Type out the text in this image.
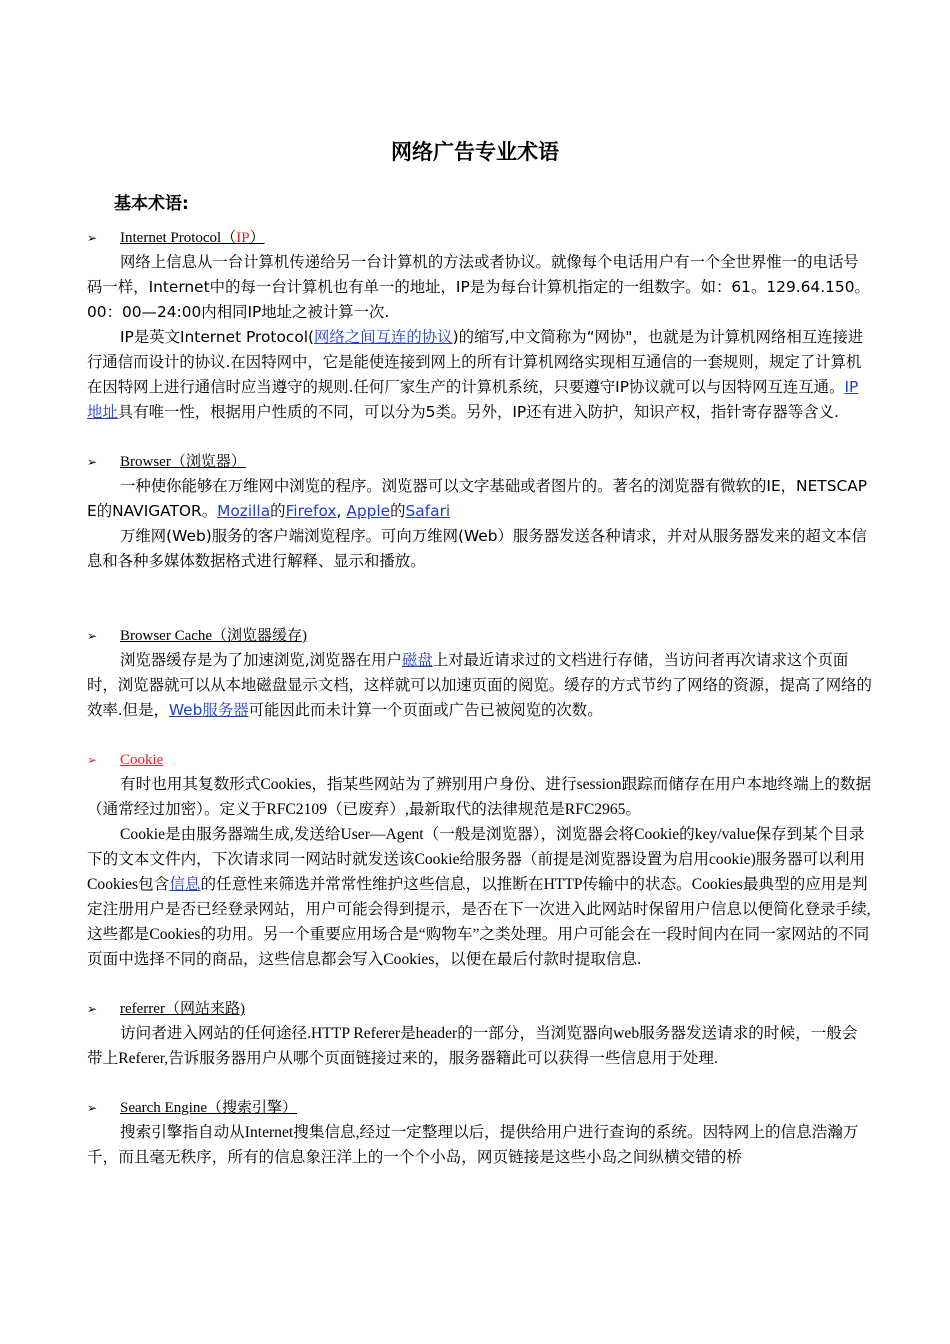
网络广告专业术语
基本术语:
➢ Internet Protocol（IP）

网络上信息从一台计算机传递给另一台计算机的方法或者协议。就像每个电话用户有一个全世界惟一的电话号码一样，Internet中的每一台计算机也有单一的地址，IP是为每台计算机指定的一组数字。如：61。129.64.150。00：00—24:00内相同IP地址之被计算一次.

IP是英文Internet Protocol(网络之间互连的协议)的缩写,中文简称为“网协"，也就是为计算机网络相互连接进行通信而设计的协议.在因特网中，它是能使连接到网上的所有计算机网络实现相互通信的一套规则，规定了计算机在因特网上进行通信时应当遵守的规则.任何厂家生产的计算机系统，只要遵守IP协议就可以与因特网互连互通。IP地址具有唯一性，根据用户性质的不同，可以分为5类。另外，IP还有进入防护，知识产权，指针寄存器等含义.

➢ Browser（浏览器）

一种使你能够在万维网中浏览的程序。浏览器可以文字基础或者图片的。著名的浏览器有微软的IE，NETSCAPE的NAVIGATOR。Mozilla的Firefox, Apple的Safari

万维网(Web)服务的客户端浏览程序。可向万维网(Web）服务器发送各种请求，并对从服务器发来的超文本信息和各种多媒体数据格式进行解释、显示和播放。

➢ Browser Cache（浏览器缓存)

浏览器缓存是为了加速浏览,浏览器在用户磁盘上对最近请求过的文档进行存储，当访问者再次请求这个页面时，浏览器就可以从本地磁盘显示文档，这样就可以加速页面的阅览。缓存的方式节约了网络的资源，提高了网络的效率.但是，Web服务器可能因此而未计算一个页面或广告已被阅览的次数。

➢ Cookie

有时也用其复数形式Cookies，指某些网站为了辨别用户身份、进行session跟踪而储存在用户本地终端上的数据（通常经过加密）。定义于RFC2109（已废弃）,最新取代的法律规范是RFC2965。

Cookie是由服务器端生成,发送给User—Agent（一般是浏览器），浏览器会将Cookie的key/value保存到某个目录下的文本文件内，下次请求同一网站时就发送该Cookie给服务器（前提是浏览器设置为启用cookie)服务器可以利用Cookies包含信息的任意性来筛选并常常性维护这些信息，以推断在HTTP传输中的状态。Cookies最典型的应用是判定注册用户是否已经登录网站，用户可能会得到提示，是否在下一次进入此网站时保留用户信息以便简化登录手续,这些都是Cookies的功用。另一个重要应用场合是“购物车”之类处理。用户可能会在一段时间内在同一家网站的不同页面中选择不同的商品，这些信息都会写入Cookies，以便在最后付款时提取信息.

➢ referrer（网站来路)

访问者进入网站的任何途径.HTTP Referer是header的一部分，当浏览器向web服务器发送请求的时候，一般会带上Referer,告诉服务器用户从哪个页面链接过来的，服务器籍此可以获得一些信息用于处理.

➢ Search Engine（搜索引擎）

搜索引擎指自动从Internet搜集信息,经过一定整理以后，提供给用户进行查询的系统。因特网上的信息浩瀚万千，而且毫无秩序，所有的信息象汪洋上的一个个小岛，网页链接是这些小岛之间纵横交错的桥
